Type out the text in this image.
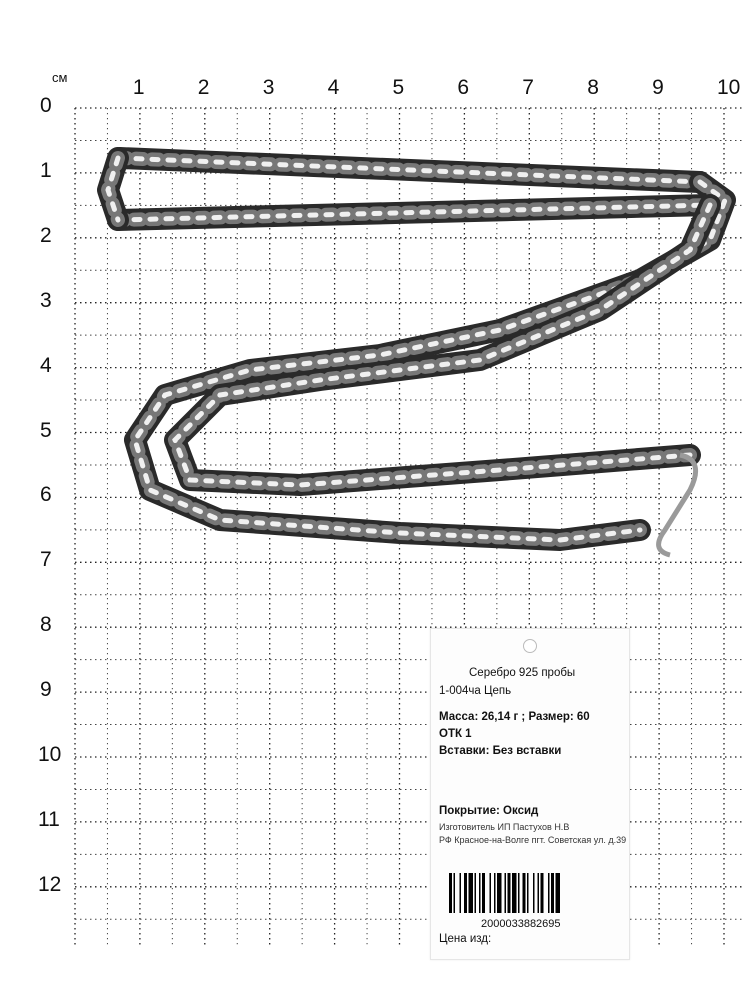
см	1	2	3	4	5	6	7	8	9	10
0
1
2
3
4
5
6
7
8
9
10
11
12
Серебро 925 пробы
1-004ча Цепь
Масса: 26,14 г ; Размер: 60
ОТК 1
Вставки: Без вставки
Покрытие: Оксид
Изготовитель ИП Пастухов Н.В
РФ Красное-на-Волге пгт. Советская ул. д.39
2000033882695
Цена изд:
